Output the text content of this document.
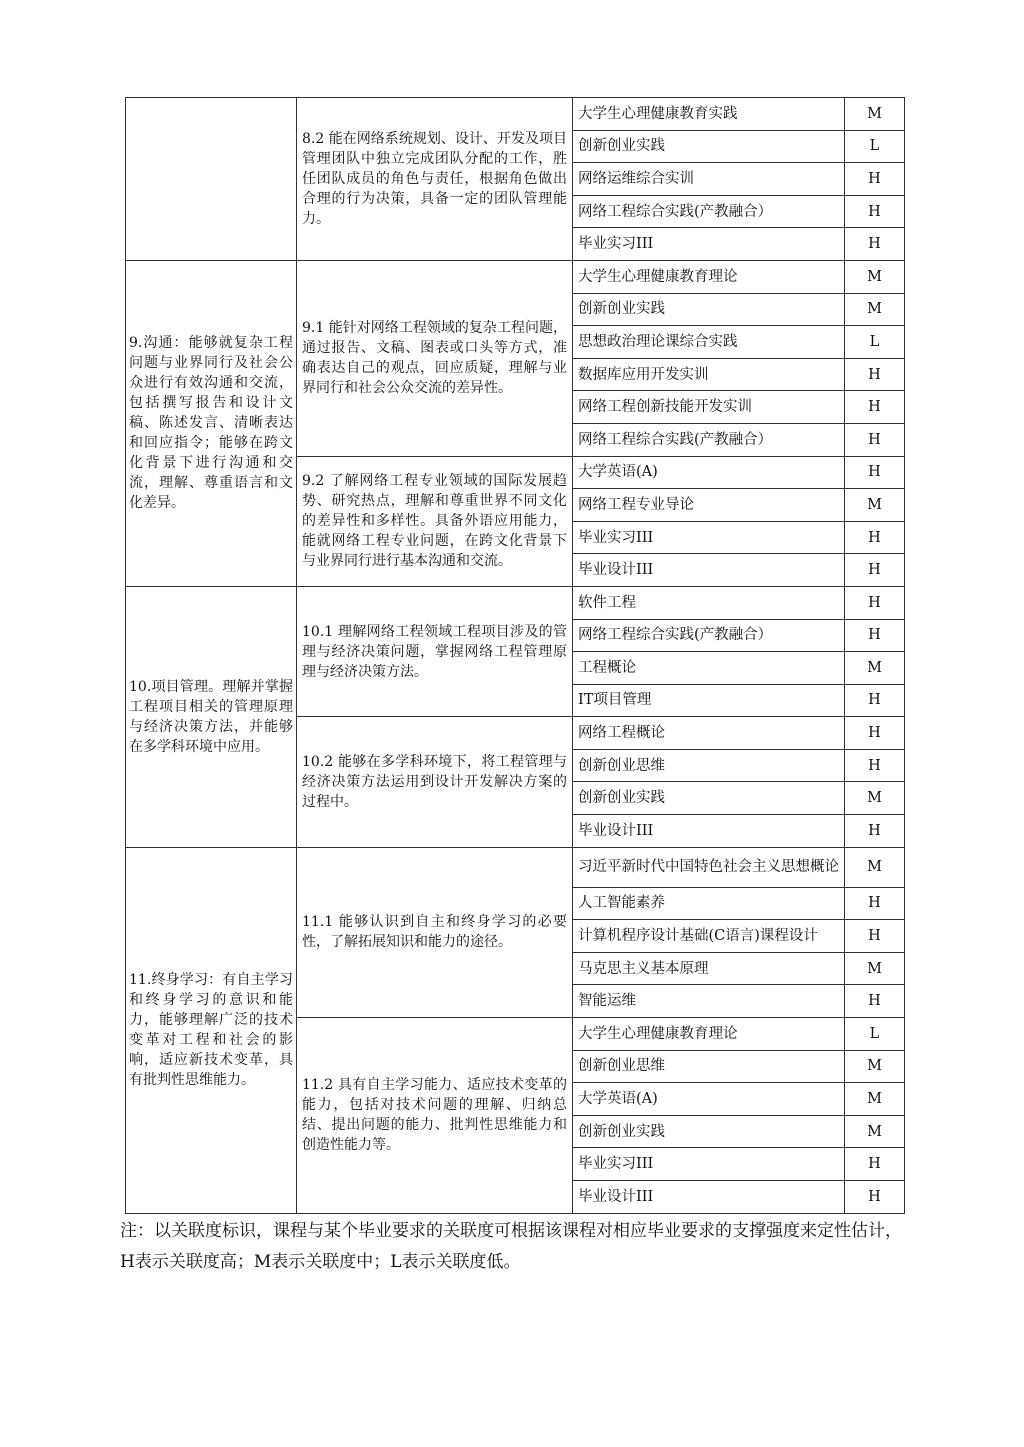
	8.2 能在网络系统规划、设计、开发及项目管理团队中独立完成团队分配的工作，胜任团队成员的角色与责任，根据角色做出合理的行为决策，具备一定的团队管理能力。	大学生心理健康教育实践	M
		创新创业实践	L
		网络运维综合实训	H
		网络工程综合实践(产教融合）	H
		毕业实习III	H
9.沟通：能够就复杂工程问题与业界同行及社会公众进行有效沟通和交流，包括撰写报告和设计文稿、陈述发言、清晰表达和回应指令；能够在跨文化背景下进行沟通和交流，理解、尊重语言和文化差异。	9.1 能针对网络工程领域的复杂工程问题，通过报告、文稿、图表或口头等方式，准确表达自己的观点，回应质疑，理解与业界同行和社会公众交流的差异性。	大学生心理健康教育理论	M
		创新创业实践	M
		思想政治理论课综合实践	L
		数据库应用开发实训	H
		网络工程创新技能开发实训	H
		网络工程综合实践(产教融合）	H
	9.2 了解网络工程专业领域的国际发展趋势、研究热点，理解和尊重世界不同文化的差异性和多样性。具备外语应用能力，能就网络工程专业问题，在跨文化背景下与业界同行进行基本沟通和交流。	大学英语(A)	H
		网络工程专业导论	M
		毕业实习III	H
		毕业设计III	H
10.项目管理。理解并掌握工程项目相关的管理原理与经济决策方法，并能够在多学科环境中应用。	10.1 理解网络工程领域工程项目涉及的管理与经济决策问题，掌握网络工程管理原理与经济决策方法。	软件工程	H
		网络工程综合实践(产教融合）	H
		工程概论	M
		IT项目管理	H
	10.2 能够在多学科环境下，将工程管理与经济决策方法运用到设计开发解决方案的过程中。	网络工程概论	H
		创新创业思维	H
		创新创业实践	M
		毕业设计III	H
11.终身学习：有自主学习和终身学习的意识和能力，能够理解广泛的技术变革对工程和社会的影响，适应新技术变革，具有批判性思维能力。	11.1 能够认识到自主和终身学习的必要性，了解拓展知识和能力的途径。	习近平新时代中国特色社会主义思想概论	M
		人工智能素养	H
		计算机程序设计基础(C语言)课程设计	H
		马克思主义基本原理	M
		智能运维	H
	11.2 具有自主学习能力、适应技术变革的能力，包括对技术问题的理解、归纳总结、提出问题的能力、批判性思维能力和创造性能力等。	大学生心理健康教育理论	L
		创新创业思维	M
		大学英语(A)	M
		创新创业实践	M
		毕业实习III	H
		毕业设计III	H

注：以关联度标识，课程与某个毕业要求的关联度可根据该课程对相应毕业要求的支撑强度来定性估计，H表示关联度高；M表示关联度中；L表示关联度低。
